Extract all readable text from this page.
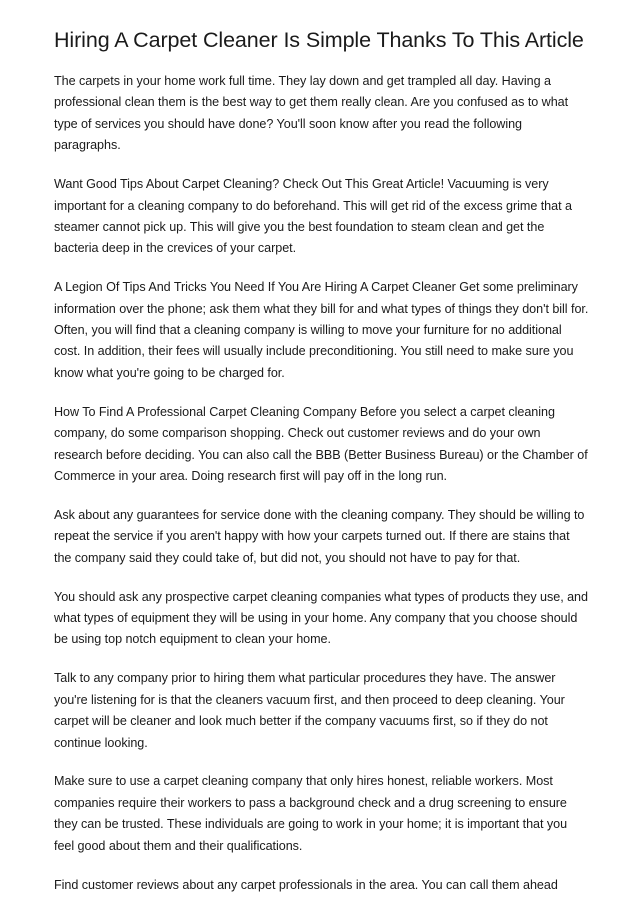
Hiring A Carpet Cleaner Is Simple Thanks To This Article

The carpets in your home work full time. They lay down and get trampled all day. Having a professional clean them is the best way to get them really clean. Are you confused as to what type of services you should have done? You'll soon know after you read the following paragraphs.

Want Good Tips About Carpet Cleaning? Check Out This Great Article! Vacuuming is very important for a cleaning company to do beforehand. This will get rid of the excess grime that a steamer cannot pick up. This will give you the best foundation to steam clean and get the bacteria deep in the crevices of your carpet.

A Legion Of Tips And Tricks You Need If You Are Hiring A Carpet Cleaner Get some preliminary information over the phone; ask them what they bill for and what types of things they don't bill for. Often, you will find that a cleaning company is willing to move your furniture for no additional cost. In addition, their fees will usually include preconditioning. You still need to make sure you know what you're going to be charged for.

How To Find A Professional Carpet Cleaning Company Before you select a carpet cleaning company, do some comparison shopping. Check out customer reviews and do your own research before deciding. You can also call the BBB (Better Business Bureau) or the Chamber of Commerce in your area. Doing research first will pay off in the long run.

Ask about any guarantees for service done with the cleaning company. They should be willing to repeat the service if you aren't happy with how your carpets turned out. If there are stains that the company said they could take of, but did not, you should not have to pay for that.

You should ask any prospective carpet cleaning companies what types of products they use, and what types of equipment they will be using in your home. Any company that you choose should be using top notch equipment to clean your home.

Talk to any company prior to hiring them what particular procedures they have. The answer you're listening for is that the cleaners vacuum first, and then proceed to deep cleaning. Your carpet will be cleaner and look much better if the company vacuums first, so if they do not continue looking.

Make sure to use a carpet cleaning company that only hires honest, reliable workers. Most companies require their workers to pass a background check and a drug screening to ensure they can be trusted. These individuals are going to work in your home; it is important that you feel good about them and their qualifications.

Find customer reviews about any carpet professionals in the area. You can call them ahead
